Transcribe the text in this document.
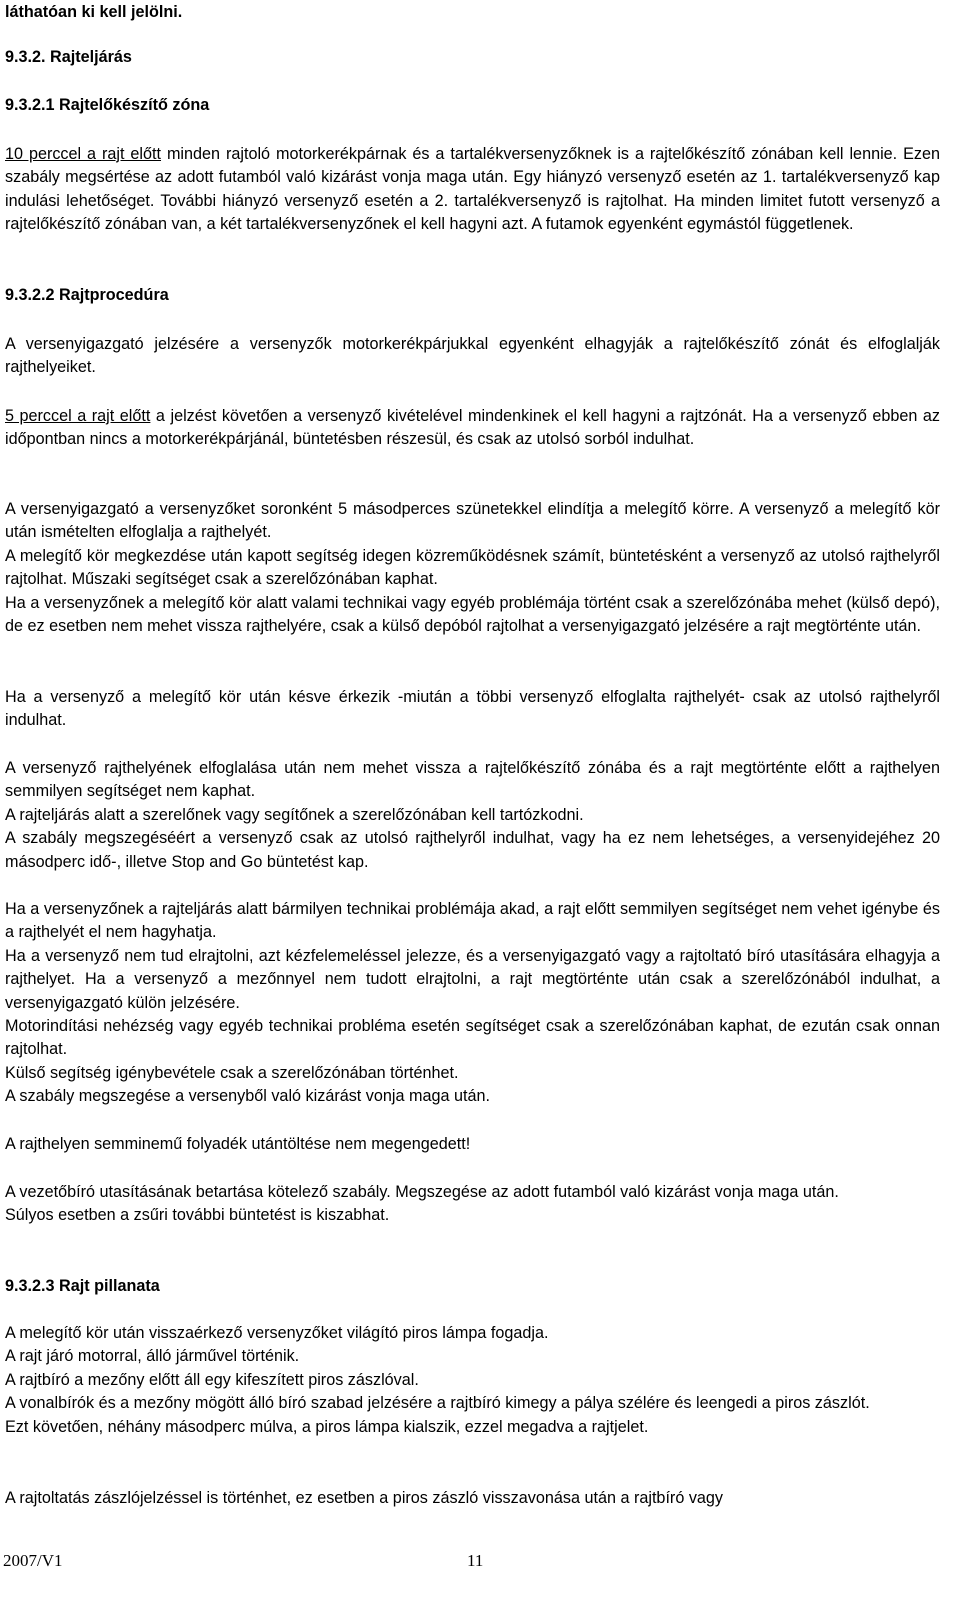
láthatóan ki kell jelölni.

9.3.2. Rajteljárás

9.3.2.1 Rajtelőkészítő zóna

10 perccel a rajt előtt minden rajtoló motorkerékpárnak és a tartalékversenyzőknek is a rajtelőkészítő zónában kell lennie. Ezen szabály megsértése az adott futamból való kizárást vonja maga után. Egy hiányzó versenyző esetén az 1. tartalékversenyző kap indulási lehetőséget. További hiányzó versenyző esetén a 2. tartalékversenyző is rajtolhat. Ha minden limitet futott versenyző a rajtelőkészítő zónában van, a két tartalékversenyzőnek el kell hagyni azt. A futamok egyenként egymástól függetlenek.

9.3.2.2 Rajtprocedúra

A versenyigazgató jelzésére a versenyzők motorkerékpárjukkal egyenként elhagyják a rajtelőkészítő zónát és elfoglalják rajthelyeiket.

5 perccel a rajt előtt a jelzést követően a versenyző kivételével mindenkinek el kell hagyni a rajtzónát. Ha a versenyző ebben az időpontban nincs a motorkerékpárjánál, büntetésben részesül, és csak az utolsó sorból indulhat.

A versenyigazgató a versenyzőket soronként 5 másodperces szünetekkel elindítja a melegítő körre. A versenyző a melegítő kör után ismételten elfoglalja a rajthelyét.
A melegítő kör megkezdése után kapott segítség idegen közreműködésnek számít, büntetésként a versenyző az utolsó rajthelyről rajtolhat. Műszaki segítséget csak a szerelőzónában kaphat.
Ha a versenyzőnek a melegítő kör alatt valami technikai vagy egyéb problémája történt csak a szerelőzónába mehet (külső depó), de ez esetben nem mehet vissza rajthelyére, csak a külső depóból rajtolhat a versenyigazgató jelzésére a rajt megtörténte után.

Ha a versenyző a melegítő kör után késve érkezik -miután a többi versenyző elfoglalta rajthelyét- csak az utolsó rajthelyről indulhat.

A versenyző rajthelyének elfoglalása után nem mehet vissza a rajtelőkészítő zónába és a rajt megtörténte előtt a rajthelyen semmilyen segítséget nem kaphat.
A rajteljárás alatt a szerelőnek vagy segítőnek a szerelőzónában kell tartózkodni.
A szabály megszegéséért a versenyző csak az utolsó rajthelyről indulhat, vagy ha ez nem lehetséges, a versenyidejéhez 20 másodperc idő-, illetve Stop and Go büntetést kap.
Ha a versenyzőnek a rajteljárás alatt bármilyen technikai problémája akad, a rajt előtt semmilyen segítséget nem vehet igénybe és a rajthelyét el nem hagyhatja.
Ha a versenyző nem tud elrajtolni, azt kézfelemeléssel jelezze, és a versenyigazgató vagy a rajtoltató bíró utasítására elhagyja a rajthelyet. Ha a versenyző a mezőnnyel nem tudott elrajtolni, a rajt megtörténte után csak a szerelőzónából indulhat, a versenyigazgató külön jelzésére.
Motorindítási nehézség vagy egyéb technikai probléma esetén segítséget csak a szerelőzónában kaphat, de ezután csak onnan rajtolhat.
Külső segítség igénybevétele csak a szerelőzónában történhet.
A szabály megszegése a versenyből való kizárást vonja maga után.

A rajthelyen semminemű folyadék utántöltése nem megengedett!

A vezetőbíró utasításának betartása kötelező szabály. Megszegése az adott futamból való kizárást vonja maga után.
Súlyos esetben a zsűri további büntetést is kiszabhat.

9.3.2.3 Rajt pillanata

A melegítő kör után visszaérkező versenyzőket világító piros lámpa fogadja.
A rajt járó motorral, álló járművel történik.
A rajtbíró a mezőny előtt áll egy kifeszített piros zászlóval.
A vonalbírók és a mezőny mögött álló bíró szabad jelzésére a rajtbíró kimegy a pálya szélére és leengedi a piros zászlót.
Ezt követően, néhány másodperc múlva, a piros lámpa kialszik, ezzel megadva a rajtjelet.

A rajtoltatás zászlójelzéssel is történhet, ez esetben a piros zászló visszavonása után a rajtbíró vagy

2007/V1	11
